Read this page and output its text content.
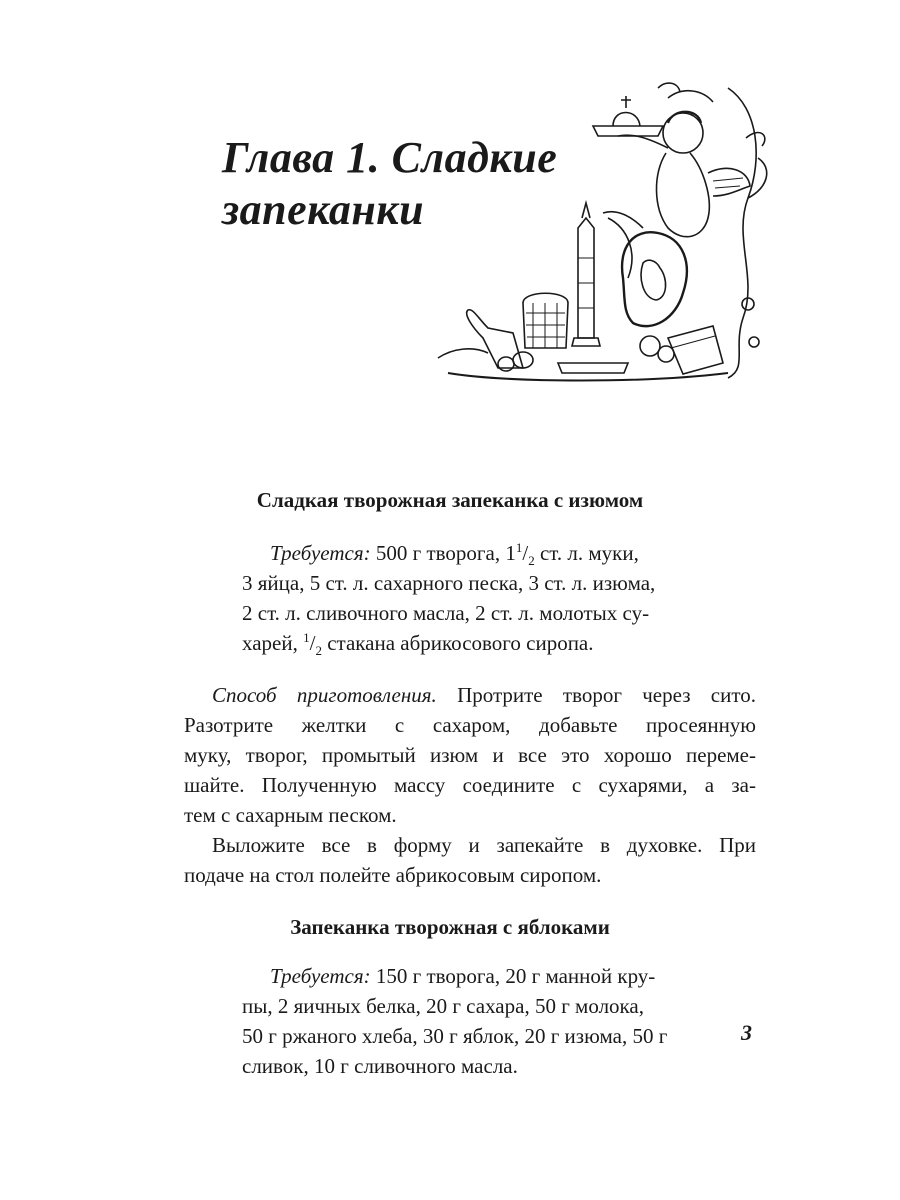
Глава 1. Сладкие
запеканки
Сладкая творожная запеканка с изюмом

Требуется: 500 г творога, $1^1/_2$ ст. л. муки,
3 яйца, 5 ст. л. сахарного песка, 3 ст. л. изюма,
2 ст. л. сливочного масла, 2 ст. л. молотых су-
харей, $^1/_2$ стакана абрикосового сиропа.

Способ приготовления. Протрите творог через сито.
Разотрите желтки с сахаром, добавьте просеянную
муку, творог, промытый изюм и все это хорошо переме-
шайте. Полученную массу соедините с сухарями, а за-
тем с сахарным песком.
Выложите все в форму и запекайте в духовке. При
подаче на стол полейте абрикосовым сиропом.

Запеканка творожная с яблоками

Требуется: 150 г творога, 20 г манной кру-
пы, 2 яичных белка, 20 г сахара, 50 г молока,
50 г ржаного хлеба, 30 г яблок, 20 г изюма, 50 г
сливок, 10 г сливочного масла.

3
